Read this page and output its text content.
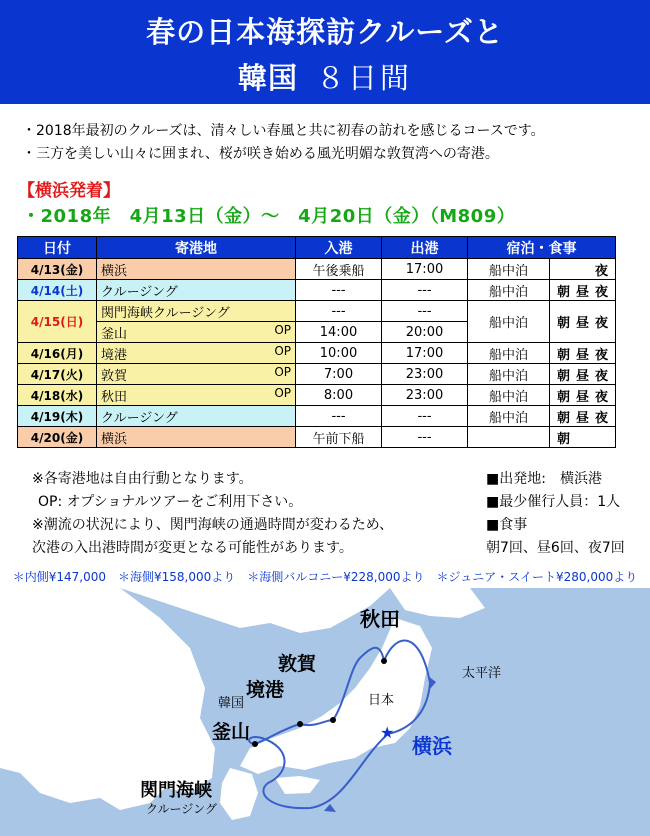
春の日本海探訪クルーズと
韓国 ８日間
・2018年最初のクルーズは、清々しい春風と共に初春の訪れを感じるコースです。
・三方を美しい山々に囲まれ、桜が咲き始める風光明媚な敦賀湾への寄港。
【横浜発着】
・2018年　4月13日（金）～　4月20日（金）（M809）
日付	寄港地	入港	出港	宿泊・食事	
4/13(金)	横浜	午後乗船	17:00	船中泊	夜
4/14(土)	クルージング	---	---	船中泊	朝 昼 夜
4/15(日)	関門海峡クルージング	---	---	船中泊	朝 昼 夜
	釜山 OP	14:00	20:00		
4/16(月)	境港 OP	10:00	17:00	船中泊	朝 昼 夜
4/17(火)	敦賀 OP	7:00	23:00	船中泊	朝 昼 夜
4/18(水)	秋田 OP	8:00	23:00	船中泊	朝 昼 夜
4/19(木)	クルージング	---	---	船中泊	朝 昼 夜
4/20(金)	横浜	午前下船	---		朝
※各寄港地は自由行動となります。
OP: オプショナルツアーをご利用下さい。
※潮流の状況により、関門海峡の通過時間が変わるため、
次港の入出港時間が変更となる可能性があります。
■出発地:　横浜港
■最少催行人員：1人
■食事
朝7回、昼6回、夜7回
＊内側¥147,000　＊海側¥158,000より　＊海側バルコニー¥228,000より　＊ジュニア・スイート¥280,000より
★
秋田
敦賀
境港
韓国
釜山
日本
太平洋
横浜
関門海峡
クルージング
